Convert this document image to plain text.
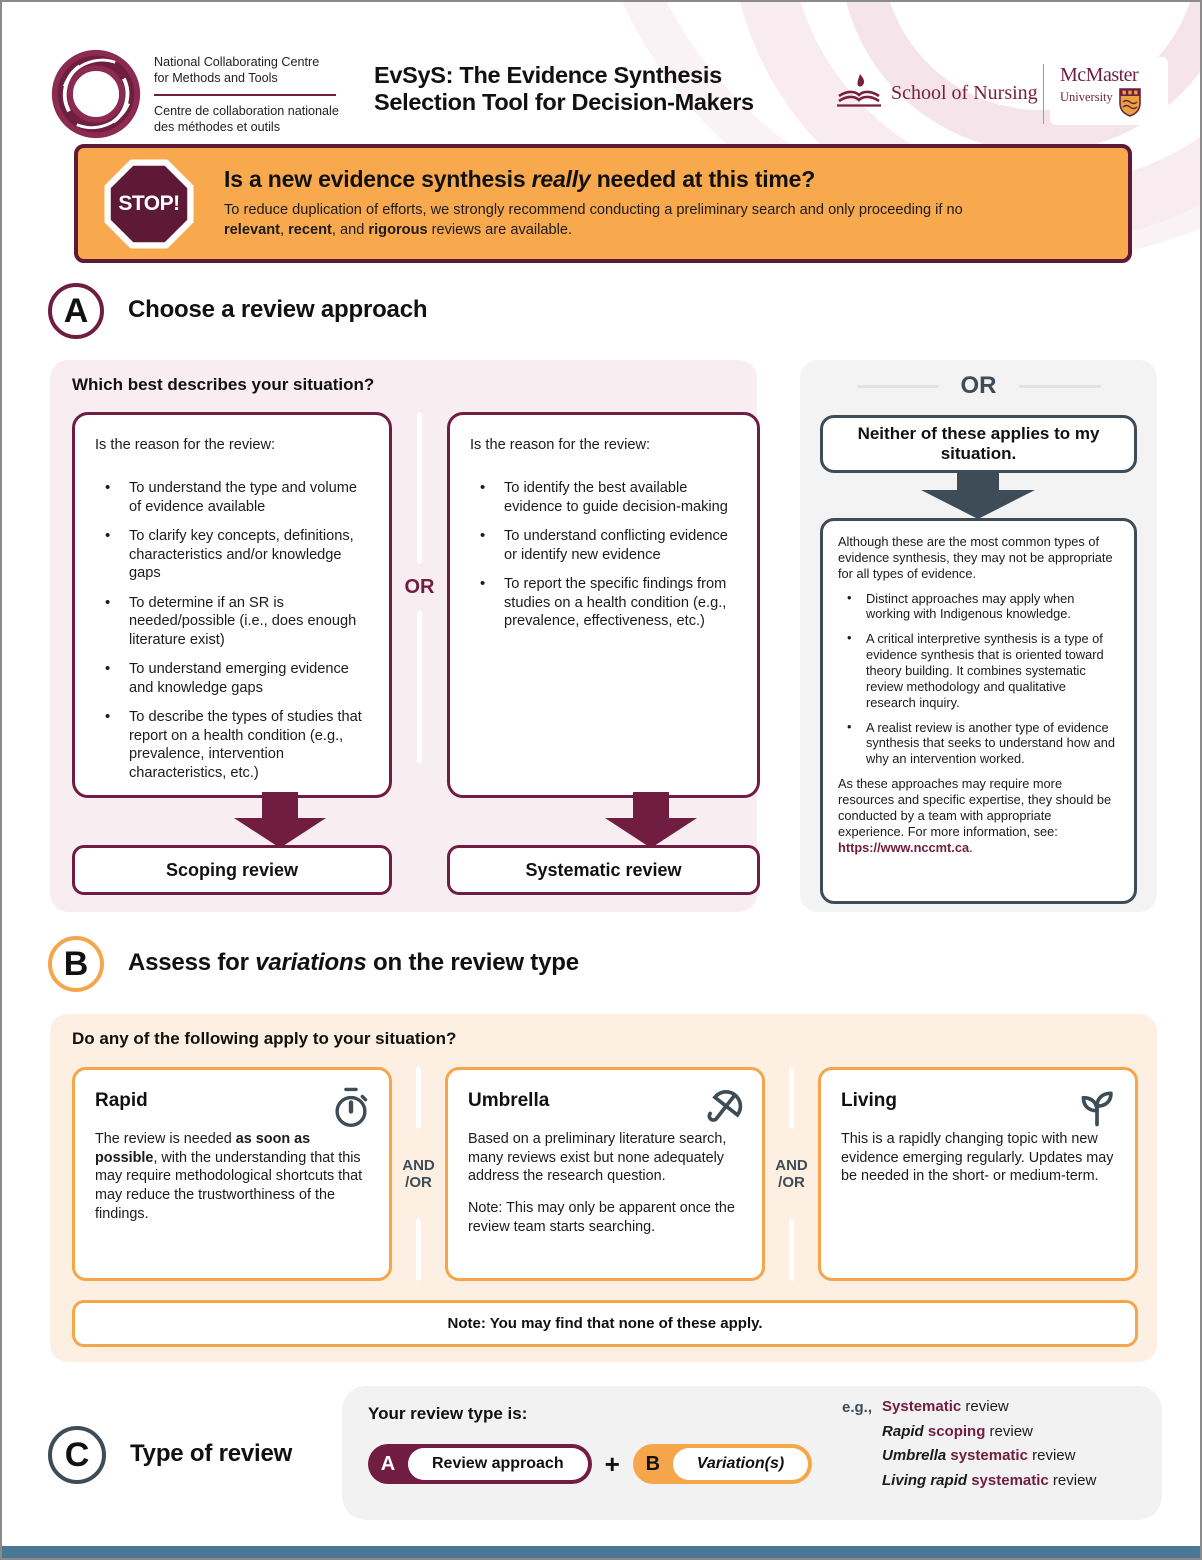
National Collaborating Centre
for Methods and Tools
Centre de collaboration nationale
des méthodes et outils
EvSyS: The Evidence Synthesis
Selection Tool for Decision-Makers	School of Nursing
McMaster
University
STOP!
Is a new evidence synthesis really needed at this time?

To reduce duplication of efforts, we strongly recommend conducting a preliminary search and only proceeding if no relevant, recent, and rigorous reviews are available.

A Choose a review approach
Which best describes your situation?
Is the reason for the review:
• To understand the type and volume of evidence available
• To clarify key concepts, definitions, characteristics and/or knowledge gaps
• To determine if an SR is needed/possible (i.e., does enough literature exist)
• To understand emerging evidence and knowledge gaps
• To describe the types of studies that report on a health condition (e.g., prevalence, intervention characteristics, etc.)
OR
Is the reason for the review:
• To identify the best available evidence to guide decision-making
• To understand conflicting evidence or identify new evidence
• To report the specific findings from studies on a health condition (e.g., prevalence, effectiveness, etc.)
Scoping review	Systematic review
OR
Neither of these applies to my situation.
Although these are the most common types of evidence synthesis, they may not be appropriate for all types of evidence.
• Distinct approaches may apply when working with Indigenous knowledge.
• A critical interpretive synthesis is a type of evidence synthesis that is oriented toward theory building. It combines systematic review methodology and qualitative research inquiry.
• A realist review is another type of evidence synthesis that seeks to understand how and why an intervention worked.
As these approaches may require more resources and specific expertise, they should be conducted by a team with appropriate experience. For more information, see: https://www.nccmt.ca.
B Assess for variations on the review type
Do any of the following apply to your situation?
Rapid

The review is needed as soon as possible, with the understanding that this may require methodological shortcuts that may reduce the trustworthiness of the findings.

AND
/OR
Umbrella

Based on a preliminary literature search, many reviews exist but none adequately address the research question.

Note: This may only be apparent once the review team starts searching.

AND
/OR
Living

This is a rapidly changing topic with new evidence emerging regularly. Updates may be needed in the short- or medium-term.

Note: You may find that none of these apply.
C Type of review
Your review type is:
A	Review approach	+	B	Variation(s)
e.g., Systematic review
Rapid scoping review
Umbrella systematic review
Living rapid systematic review
